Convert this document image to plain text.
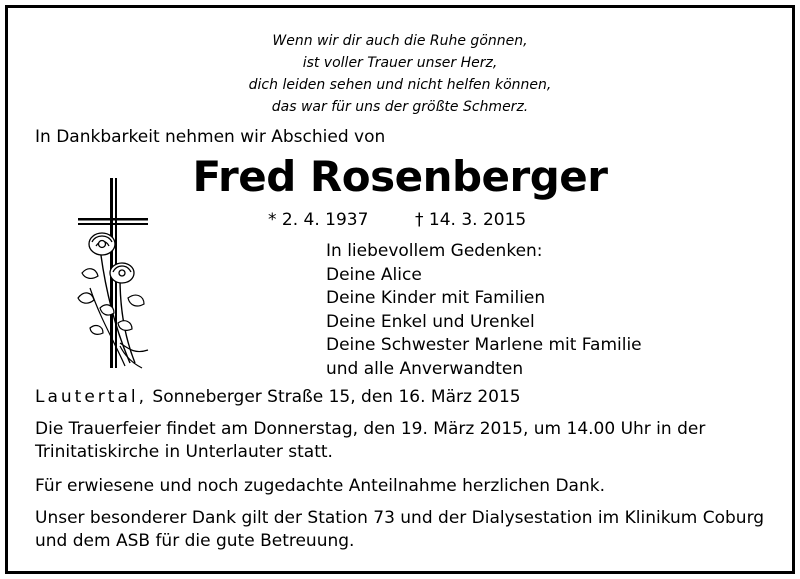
Wenn wir dir auch die Ruhe gönnen,
ist voller Trauer unser Herz,
dich leiden sehen und nicht helfen können,
das war für uns der größte Schmerz.
In Dankbarkeit nehmen wir Abschied von
Fred Rosenberger
* 2. 4. 1937	† 14. 3. 2015
In liebevollem Gedenken:
Deine Alice
Deine Kinder mit Familien
Deine Enkel und Urenkel
Deine Schwester Marlene mit Familie
und alle Anverwandten
Lautertal, Sonneberger Straße 15, den 16. März 2015
Die Trauerfeier findet am Donnerstag, den 19. März 2015, um 14.00 Uhr in der Trinitatiskirche in Unterlauter statt.
Für erwiesene und noch zugedachte Anteilnahme herzlichen Dank.
Unser besonderer Dank gilt der Station 73 und der Dialysestation im Klinikum Coburg und dem ASB für die gute Betreuung.
